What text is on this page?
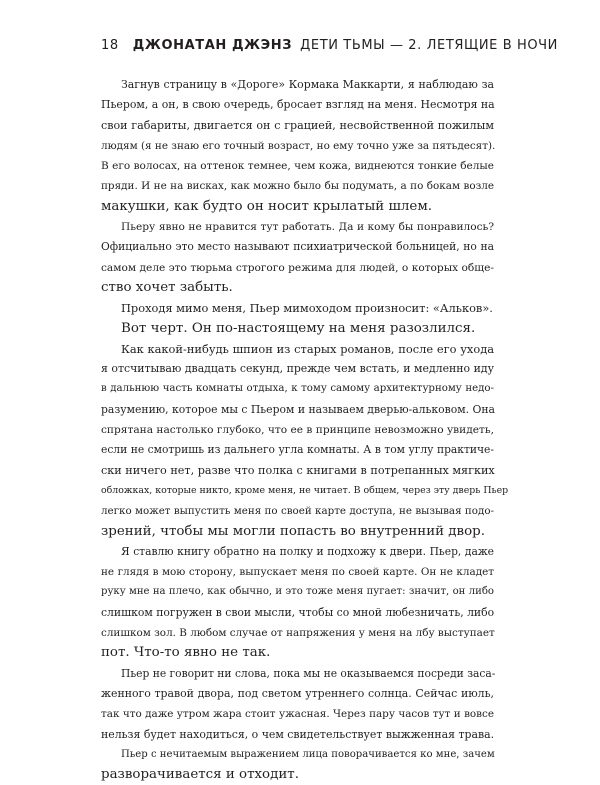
18 ДЖОНАТАН ДЖЭНЗ ДЕТИ ТЬМЫ — 2. ЛЕТЯЩИЕ В НОЧИ
Загнув страницу в «Дороге» Кормака Маккарти, я наблюдаю за
Пьером, а он, в свою очередь, бросает взгляд на меня. Несмотря на
свои габариты, двигается он с грацией, несвойственной пожилым
людям (я не знаю его точный возраст, но ему точно уже за пятьдесят).
В его волосах, на оттенок темнее, чем кожа, виднеются тонкие белые
пряди. И не на висках, как можно было бы подумать, а по бокам возле
макушки, как будто он носит крылатый шлем.
Пьеру явно не нравится тут работать. Да и кому бы понравилось?
Официально это место называют психиатрической больницей, но на
самом деле это тюрьма строгого режима для людей, о которых обще-
ство хочет забыть.
Проходя мимо меня, Пьер мимоходом произносит: «Альков».
Вот черт. Он по-настоящему на меня разозлился.
Как какой-нибудь шпион из старых романов, после его ухода
я отсчитываю двадцать секунд, прежде чем встать, и медленно иду
в дальнюю часть комнаты отдыха, к тому самому архитектурному недо-
разумению, которое мы с Пьером и называем дверью-альковом. Она
спрятана настолько глубоко, что ее в принципе невозможно увидеть,
если не смотришь из дальнего угла комнаты. А в том углу практиче-
ски ничего нет, разве что полка с книгами в потрепанных мягких
обложках, которые никто, кроме меня, не читает. В общем, через эту дверь Пьер
легко может выпустить меня по своей карте доступа, не вызывая подо-
зрений, чтобы мы могли попасть во внутренний двор.
Я ставлю книгу обратно на полку и подхожу к двери. Пьер, даже
не глядя в мою сторону, выпускает меня по своей карте. Он не кладет
руку мне на плечо, как обычно, и это тоже меня пугает: значит, он либо
слишком погружен в свои мысли, чтобы со мной любезничать, либо
слишком зол. В любом случае от напряжения у меня на лбу выступает
пот. Что-то явно не так.
Пьер не говорит ни слова, пока мы не оказываемся посреди заса-
женного травой двора, под светом утреннего солнца. Сейчас июль,
так что даже утром жара стоит ужасная. Через пару часов тут и вовсе
нельзя будет находиться, о чем свидетельствует выжженная трава.
Пьер с нечитаемым выражением лица поворачивается ко мне, зачем
разворачивается и отходит.
